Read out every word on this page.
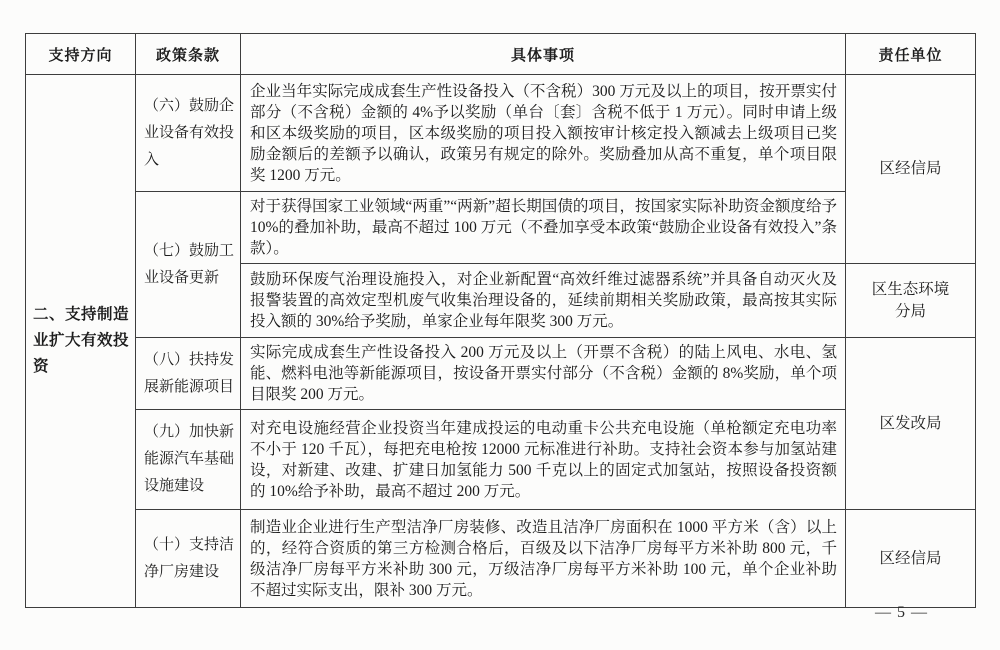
支持方向	政策条款	具体事项	责任单位
二、支持制造业扩大有效投资	（六）鼓励企业设备有效投入	企业当年实际完成成套生产性设备投入（不含税）300 万元及以上的项目，按开票实付部分（不含税）金额的 4%予以奖励（单台〔套〕含税不低于 1 万元）。同时申请上级和区本级奖励的项目，区本级奖励的项目投入额按审计核定投入额减去上级项目已奖励金额后的差额予以确认，政策另有规定的除外。奖励叠加从高不重复，单个项目限奖 1200 万元。	区经信局
	（七）鼓励工业设备更新	对于获得国家工业领域“两重”“两新”超长期国债的项目，按国家实际补助资金额度给予 10%的叠加补助，最高不超过 100 万元（不叠加享受本政策“鼓励企业设备有效投入”条款）。	
		鼓励环保废气治理设施投入，对企业新配置“高效纤维过滤器系统”并具备自动灭火及报警装置的高效定型机废气收集治理设备的，延续前期相关奖励政策，最高按其实际投入额的 30%给予奖励，单家企业每年限奖 300 万元。	区生态环境分局
	（八）扶持发展新能源项目	实际完成成套生产性设备投入 200 万元及以上（开票不含税）的陆上风电、水电、氢能、燃料电池等新能源项目，按设备开票实付部分（不含税）金额的 8%奖励，单个项目限奖 200 万元。	区发改局
	（九）加快新能源汽车基础设施建设	对充电设施经营企业投资当年建成投运的电动重卡公共充电设施（单枪额定充电功率不小于 120 千瓦），每把充电枪按 12000 元标准进行补助。支持社会资本参与加氢站建设，对新建、改建、扩建日加氢能力 500 千克以上的固定式加氢站，按照设备投资额的 10%给予补助，最高不超过 200 万元。	
	（十）支持洁净厂房建设	制造业企业进行生产型洁净厂房装修、改造且洁净厂房面积在 1000 平方米（含）以上的，经符合资质的第三方检测合格后，百级及以下洁净厂房每平方米补助 800 元，千级洁净厂房每平方米补助 300 元，万级洁净厂房每平方米补助 100 元，单个企业补助不超过实际支出，限补 300 万元。	区经信局
— 5 —
